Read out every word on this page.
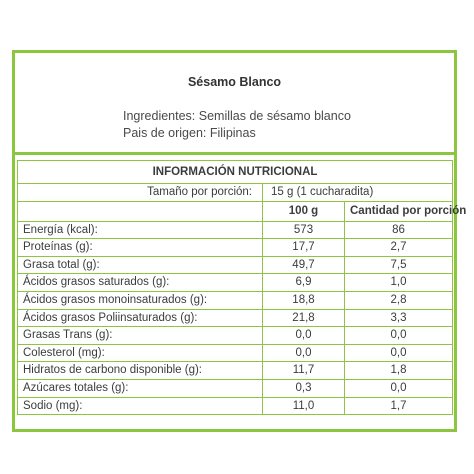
Sésamo Blanco
Ingredientes: Semillas de sésamo blanco
Pais de origen: Filipinas
INFORMACIÓN NUTRICIONAL		
Tamaño por porción:	15 g (1 cucharadita)	
	100 g	Cantidad por porción
Energía (kcal):	573	86
Proteínas (g):	17,7	2,7
Grasa total (g):	49,7	7,5
Ácidos grasos saturados (g):	6,9	1,0
Ácidos grasos monoinsaturados (g):	18,8	2,8
Ácidos grasos Poliinsaturados (g):	21,8	3,3
Grasas Trans (g):	0,0	0,0
Colesterol (mg):	0,0	0,0
Hidratos de carbono disponible (g):	11,7	1,8
Azúcares totales (g):	0,3	0,0
Sodio (mg):	11,0	1,7
